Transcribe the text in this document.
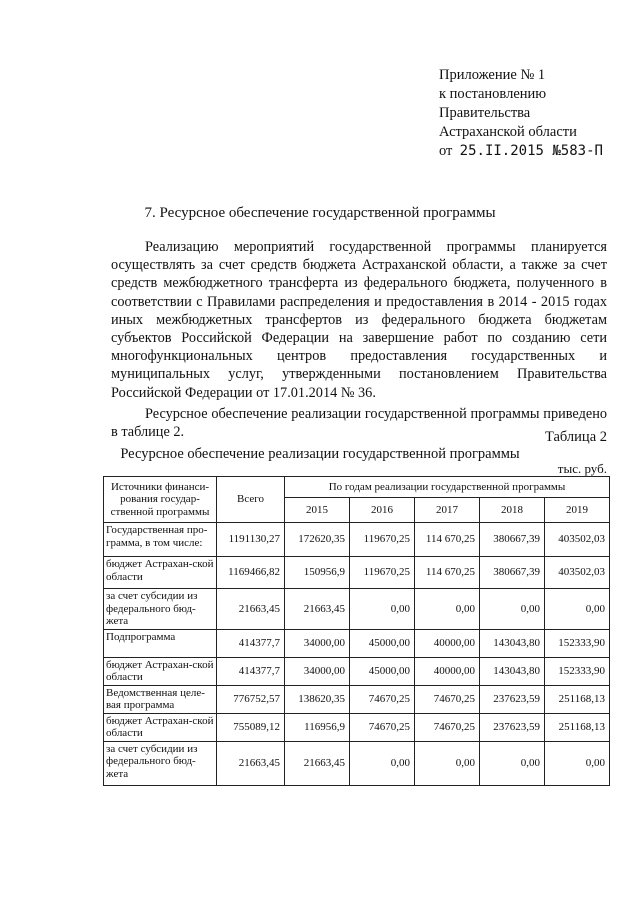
Приложение № 1
к постановлению
Правительства
Астраханской области
от 25.II.2015 №583-П
7. Ресурсное обеспечение государственной программы

Реализацию мероприятий государственной программы планируется осуществлять за счет средств бюджета Астраханской области, а также за счет средств межбюджетного трансферта из федерального бюджета, полученного в соответствии с Правилами распределения и предоставления в 2014 - 2015 годах иных межбюджетных трансфертов из федерального бюджета бюджетам субъектов Российской Федерации на завершение работ по созданию сети многофункциональных центров предоставления государственных и муниципальных услуг, утвержденными постановлением Правительства Российской Федерации от 17.01.2014 № 36.

Ресурсное обеспечение реализации государственной программы приведено в таблице 2.	Таблица 2
Ресурсное обеспечение реализации государственной программы
тыс. руб.
Источники финанси-рования государ-ственной программы	Всего	По годам реализации государственной программы				
		2015	2016	2017	2018	2019
Государственная про-грамма, в том числе:	1191130,27	172620,35	119670,25	114 670,25	380667,39	403502,03
бюджет Астрахан-ской области	1169466,82	150956,9	119670,25	114 670,25	380667,39	403502,03
за счет субсидии из федерального бюд-жета	21663,45	21663,45	0,00	0,00	0,00	0,00
Подпрограмма	414377,7	34000,00	45000,00	40000,00	143043,80	152333,90
бюджет Астрахан-ской области	414377,7	34000,00	45000,00	40000,00	143043,80	152333,90
Ведомственная целе-вая программа	776752,57	138620,35	74670,25	74670,25	237623,59	251168,13
бюджет Астрахан-ской области	755089,12	116956,9	74670,25	74670,25	237623,59	251168,13
за счет субсидии из федерального бюд-жета	21663,45	21663,45	0,00	0,00	0,00	0,00
